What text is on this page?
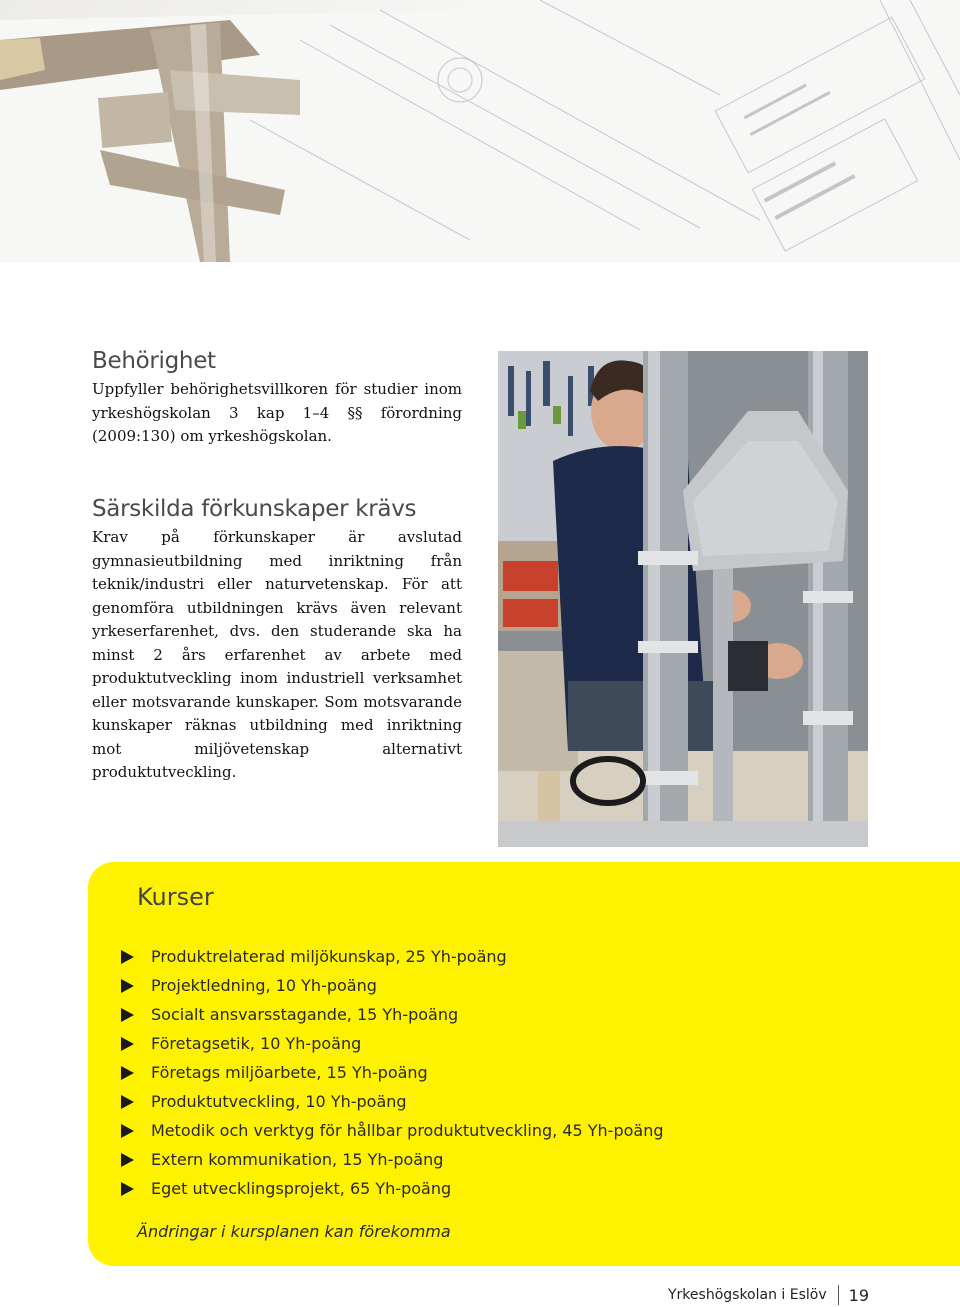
Behörighet

Uppfyller behörighetsvillkoren för studier inom yrkeshögskolan 3 kap 1–4 §§ förordning (2009:130) om yrkeshögskolan.

Särskilda förkunskaper krävs

Krav på förkunskaper är avslutad gymnasieutbildning med inriktning från teknik/industri eller naturvetenskap. För att genomföra utbildningen krävs även relevant yrkeserfarenhet, dvs. den studerande ska ha minst 2 års erfarenhet av arbete med produktutveckling inom industriell verksamhet eller motsvarande kunskaper. Som motsvarande kunskaper räknas utbildning med inriktning mot miljövetenskap alternativt produktutveckling.

Kurser
Produktrelaterad miljökunskap, 25 Yh-poäng
Projektledning, 10 Yh-poäng
Socialt ansvarsstagande, 15 Yh-poäng
Företagsetik, 10 Yh-poäng
Företags miljöarbete, 15 Yh-poäng
Produktutveckling, 10 Yh-poäng
Metodik och verktyg för hållbar produktutveckling, 45 Yh-poäng
Extern kommunikation, 15 Yh-poäng
Eget utvecklingsprojekt, 65 Yh-poäng
Ändringar i kursplanen kan förekomma
Yrkeshögskolan i Eslöv 19
